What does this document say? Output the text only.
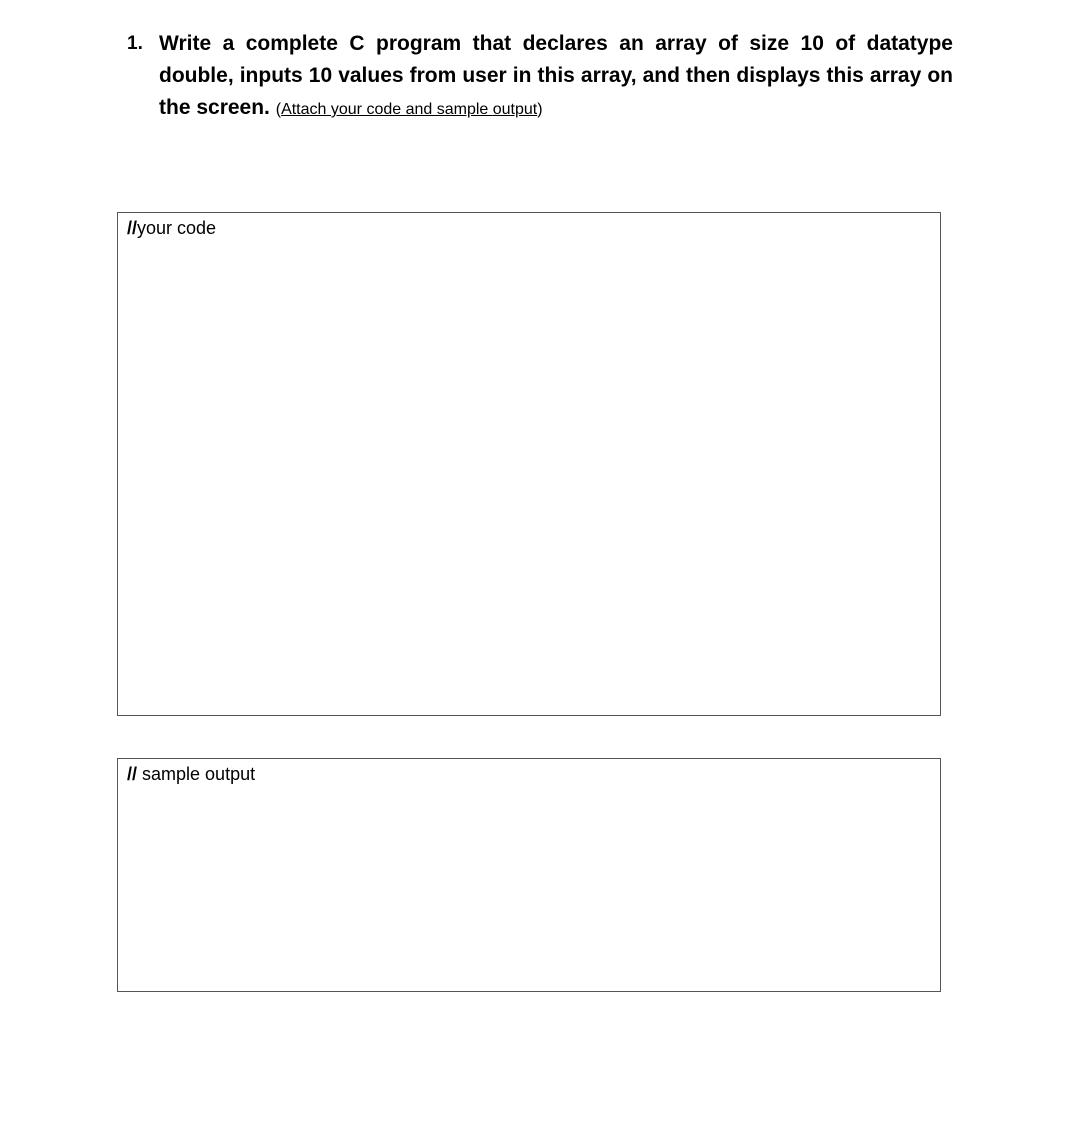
1. Write a complete C program that declares an array of size 10 of datatype double, inputs 10 values from user in this array, and then displays this array on the screen. (Attach your code and sample output)
//your code
// sample output
